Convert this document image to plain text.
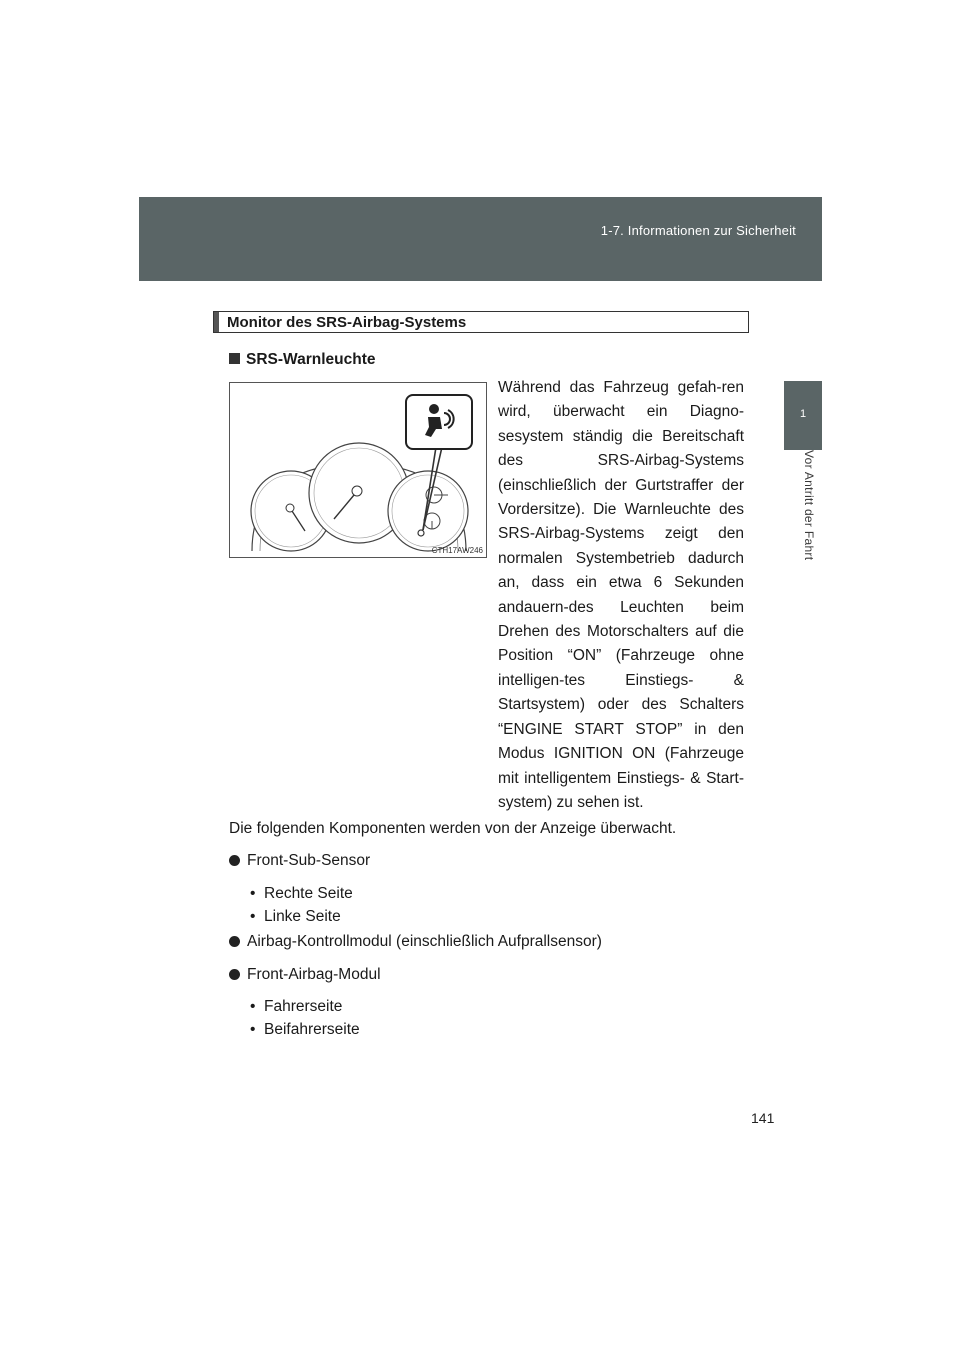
1-7. Informationen zur Sicherheit
1
Vor Antritt der Fahrt
Monitor des SRS-Airbag-Systems
SRS-Warnleuchte
CTH17AW246
Während das Fahrzeug gefah-ren wird, überwacht ein Diagno-sesystem ständig die Bereitschaft des SRS-Airbag-Systems (einschließlich der Gurtstraffer der Vordersitze). Die Warnleuchte des SRS-Airbag-Systems zeigt den normalen Systembetrieb dadurch an, dass ein etwa 6 Sekunden andauern-des Leuchten beim Drehen des Motorschalters auf die Position “ON” (Fahrzeuge ohne intelligen-tes Einstiegs- & Startsystem) oder des Schalters “ENGINE START STOP” in den Modus IGNITION ON (Fahrzeuge mit intelligentem Einstiegs- & Start-system) zu sehen ist.
Die folgenden Komponenten werden von der Anzeige überwacht.
Front-Sub-Sensor
• Rechte Seite
• Linke Seite
Airbag-Kontrollmodul (einschließlich Aufprallsensor)
Front-Airbag-Modul
• Fahrerseite
• Beifahrerseite
141
